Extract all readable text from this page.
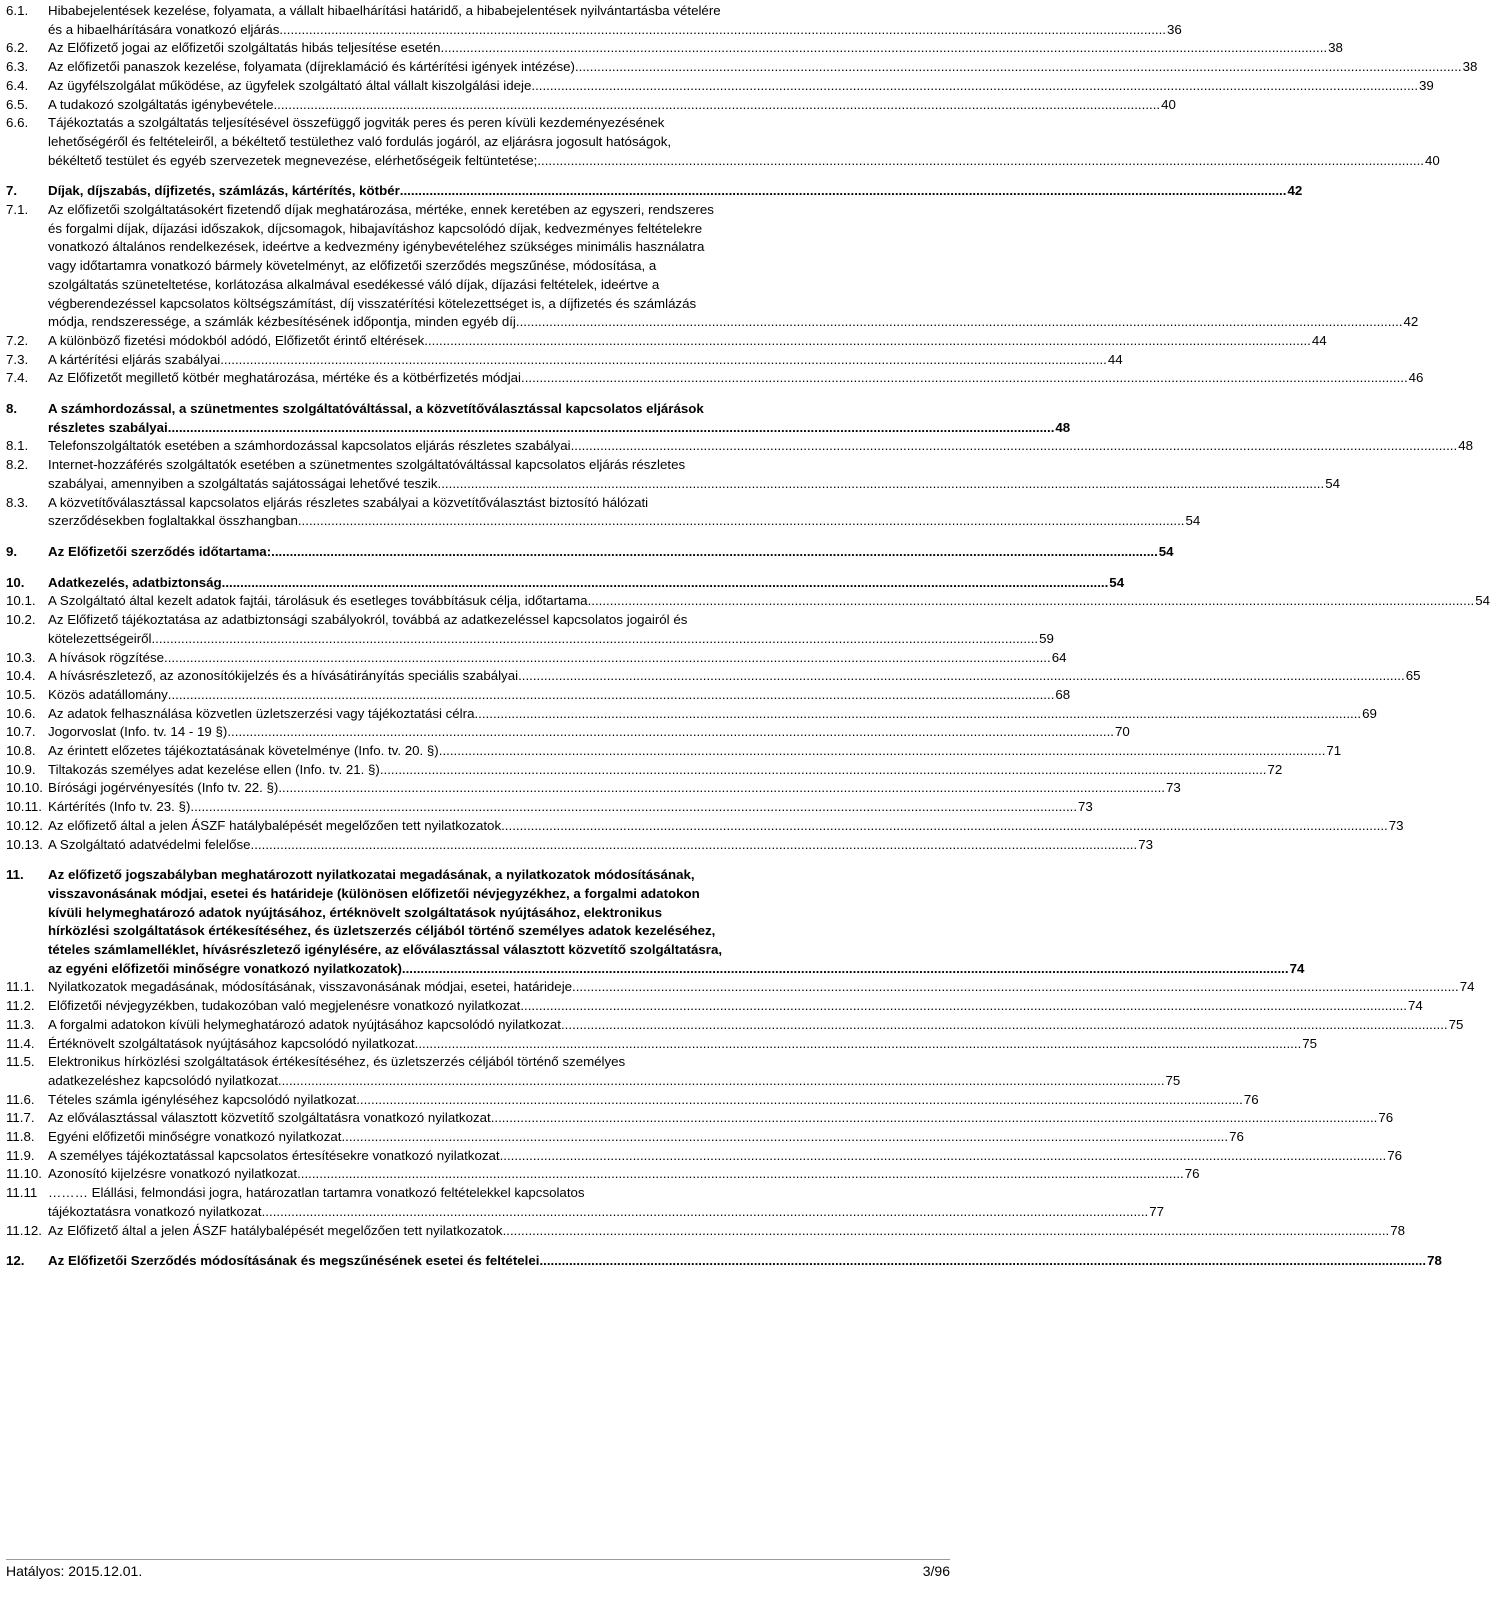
6.1. Hibabejelentések kezelése, folyamata, a vállalt hibaelhárítási határidő, a hibabejelentések nyilvántartásba vételére
és a hibaelhárítására vonatkozó eljárás .....	36
6.2. Az Előfizető jogai az előfizetői szolgáltatás hibás teljesítése esetén .....	38
6.3. Az előfizetői panaszok kezelése, folyamata (díjreklamáció és kártérítési igények intézése) .....	38
6.4. Az ügyfélszolgálat működése, az ügyfelek szolgáltató által vállalt kiszolgálási ideje .....	39
6.5. A tudakozó szolgáltatás igénybevétele .....	40
6.6. Tájékoztatás a szolgáltatás teljesítésével összefüggő jogviták peres és peren kívüli kezdeményezésének
lehetőségéről és feltételeiről, a békéltető testülethez való fordulás jogáról, az eljárásra jogosult hatóságok,
békéltető testület és egyéb szervezetek megnevezése, elérhetőségeik feltüntetése; .....	40
7. Díjak, díjszabás, díjfizetés, számlázás, kártérítés, kötbér .....	42
7.1. Az előfizetői szolgáltatásokért fizetendő díjak meghatározása, mértéke, ennek keretében az egyszeri, rendszeres
és forgalmi díjak, díjazási időszakok, díjcsomagok, hibajavításhoz kapcsolódó díjak, kedvezményes feltételekre
vonatkozó általános rendelkezések, ideértve a kedvezmény igénybevételéhez szükséges minimális használatra
vagy időtartamra vonatkozó bármely követelményt, az előfizetői szerződés megszűnése, módosítása, a
szolgáltatás szüneteltetése, korlátozása alkalmával esedékessé váló díjak, díjazási feltételek, ideértve a
végberendezéssel kapcsolatos költségszámítást, díj visszatérítési kötelezettséget is, a díjfizetés és számlázás
módja, rendszeressége, a számlák kézbesítésének időpontja, minden egyéb díj .....	42
7.2. A különböző fizetési módokból adódó, Előfizetőt érintő eltérések .....	44
7.3. A kártérítési eljárás szabályai .....	44
7.4. Az Előfizetőt megillető kötbér meghatározása, mértéke és a kötbérfizetés módjai .....	46
8. A számhordozással, a szünetmentes szolgáltatóváltással, a közvetítőválasztással kapcsolatos eljárások
részletes szabályai .....	48
8.1. Telefonszolgáltatók esetében a számhordozással kapcsolatos eljárás részletes szabályai .....	48
8.2. Internet-hozzáférés szolgáltatók esetében a szünetmentes szolgáltatóváltással kapcsolatos eljárás részletes
szabályai, amennyiben a szolgáltatás sajátosságai lehetővé teszik .....	54
8.3. A közvetítőválasztással kapcsolatos eljárás részletes szabályai a közvetítőválasztást biztosító hálózati
szerződésekben foglaltakkal összhangban .....	54
9. Az Előfizetői szerződés időtartama: .....	54
10. Adatkezelés, adatbiztonság .....	54
10.1. A Szolgáltató által kezelt adatok fajtái, tárolásuk és esetleges továbbításuk célja, időtartama .....	54
10.2. Az Előfizető tájékoztatása az adatbiztonsági szabályokról, továbbá az adatkezeléssel kapcsolatos jogairól és
kötelezettségeiről .....	59
10.3. A hívások rögzítése .....	64
10.4. A hívásrészletező, az azonosítókijelzés és a hívásátirányítás speciális szabályai .....	65
10.5. Közös adatállomány .....	68
10.6. Az adatok felhasználása közvetlen üzletszerzési vagy tájékoztatási célra .....	69
10.7. Jogorvoslat (Info. tv. 14 - 19 §) .....	70
10.8. Az érintett előzetes tájékoztatásának követelménye (Info. tv. 20. §) .....	71
10.9. Tiltakozás személyes adat kezelése ellen (Info. tv. 21. §) .....	72
10.10. Bírósági jogérvényesítés (Info tv. 22. §) .....	73
10.11. Kártérítés (Info tv. 23. §) .....	73
10.12. Az előfizető által a jelen ÁSZF hatálybalépését megelőzően tett nyilatkozatok .....	73
10.13. A Szolgáltató adatvédelmi felelőse .....	73
11. Az előfizető jogszabályban meghatározott nyilatkozatai megadásának, a nyilatkozatok módosításának,
visszavonásának módjai, esetei és határideje (különösen előfizetői névjegyzékhez, a forgalmi adatokon
kívüli helymeghatározó adatok nyújtásához, értéknövelt szolgáltatások nyújtásához, elektronikus
hírközlési szolgáltatások értékesítéséhez, és üzletszerzés céljából történő személyes adatok kezeléséhez,
tételes számlamelléklet, hívásrészletező igénylésére, az előválasztással választott közvetítő szolgáltatásra,
az egyéni előfizetői minőségre vonatkozó nyilatkozatok) .....	74
11.1. Nyilatkozatok megadásának, módosításának, visszavonásának módjai, esetei, határideje .....	74
11.2. Előfizetői névjegyzékben, tudakozóban való megjelenésre vonatkozó nyilatkozat .....	74
11.3. A forgalmi adatokon kívüli helymeghatározó adatok nyújtásához kapcsolódó nyilatkozat .....	75
11.4. Értéknövelt szolgáltatások nyújtásához kapcsolódó nyilatkozat .....	75
11.5. Elektronikus hírközlési szolgáltatások értékesítéséhez, és üzletszerzés céljából történő személyes
adatkezeléshez kapcsolódó nyilatkozat .....	75
11.6. Tételes számla igényléséhez kapcsolódó nyilatkozat .....	76
11.7. Az előválasztással választott közvetítő szolgáltatásra vonatkozó nyilatkozat .....	76
11.8. Egyéni előfizetői minőségre vonatkozó nyilatkozat .....	76
11.9. A személyes tájékoztatással kapcsolatos értesítésekre vonatkozó nyilatkozat .....	76
11.10. Azonosító kijelzésre vonatkozó nyilatkozat .....	76
11.11 ……… Elállási, felmondási jogra, határozatlan tartamra vonatkozó feltételekkel kapcsolatos
tájékoztatásra vonatkozó nyilatkozat .....	77
11.12. Az Előfizető által a jelen ÁSZF hatálybalépését megelőzően tett nyilatkozatok .....	78
12. Az Előfizetői Szerződés módosításának és megszűnésének esetei és feltételei .....	78
Hatályos: 2015.12.01.	3/96
